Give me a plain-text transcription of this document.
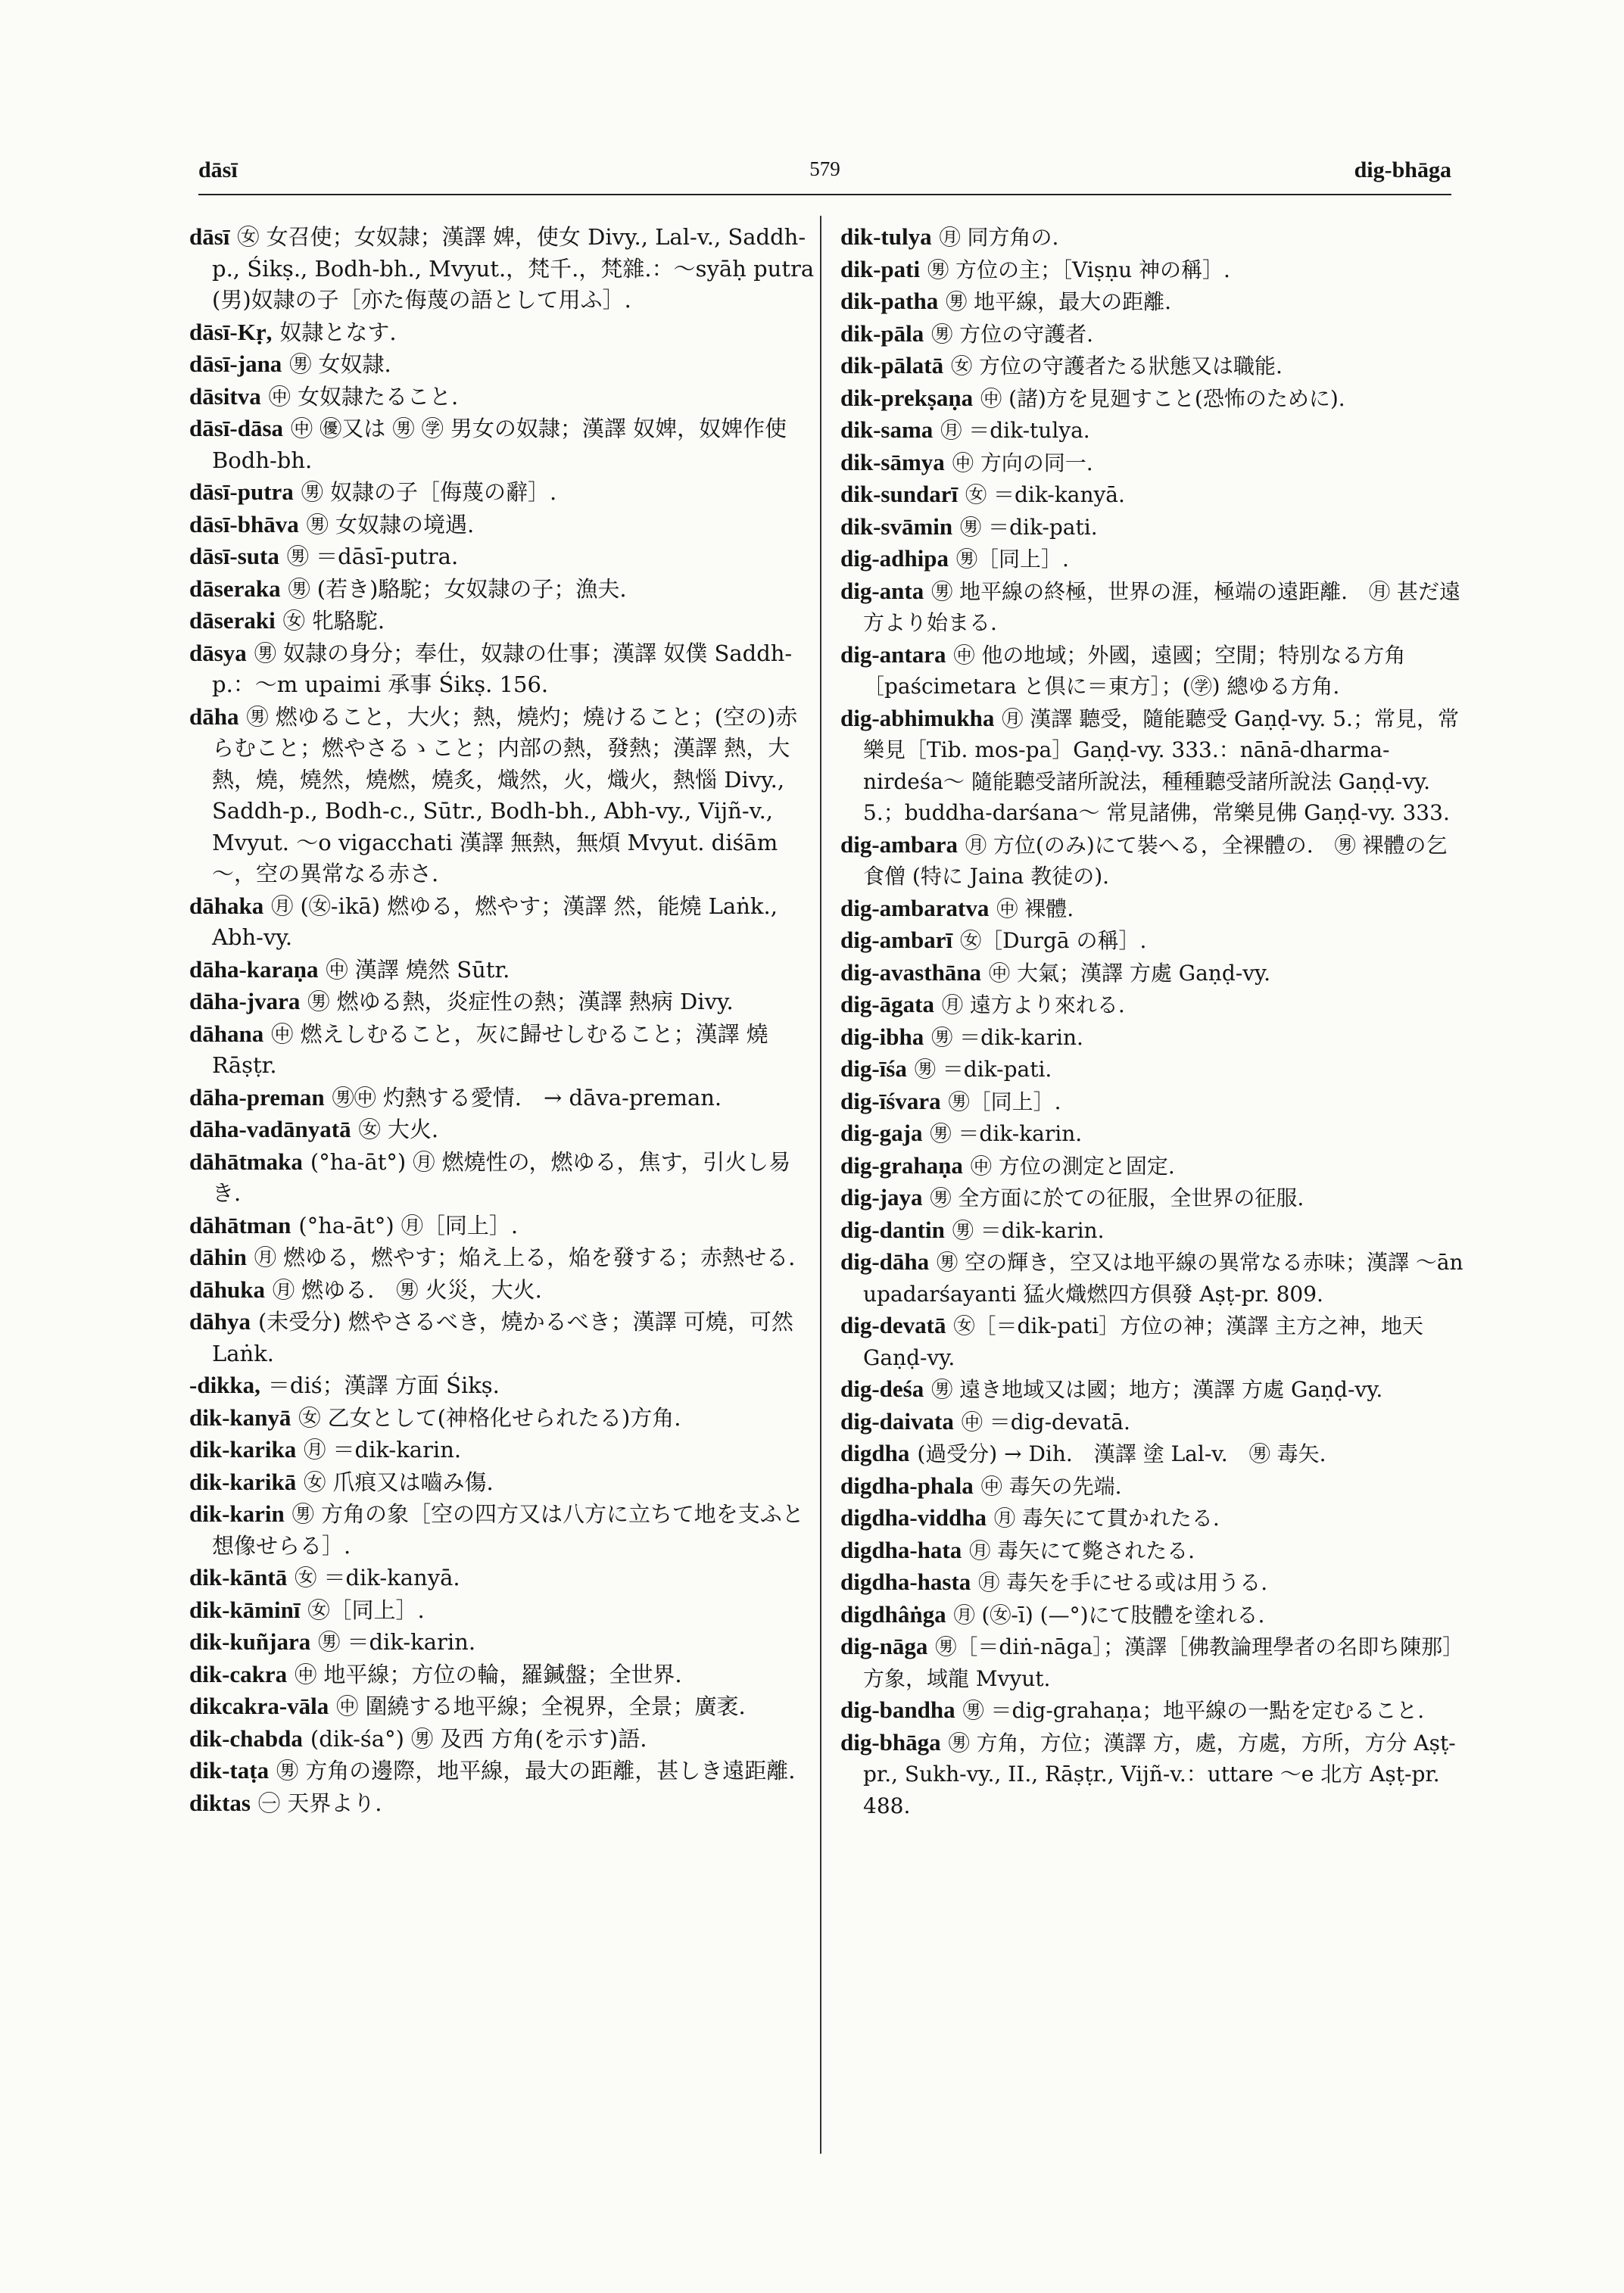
dāsī	579	dig-bhāga

dāsī ㊛ 女召使；女奴隷；漢譯 婢，使女 Divy., Lal-v., Saddh-p., Śikṣ., Bodh-bh., Mvyut.，梵千.，梵雜.：〜syāḥ putra (男)奴隷の子［亦た侮蔑の語として用ふ］.

dāsī-Kṛ, 奴隷となす.

dāsī-jana ㊚ 女奴隷.

dāsitva ㊥ 女奴隷たること.

dāsī-dāsa ㊥ ㊝又は ㊚ ㊫ 男女の奴隷；漢譯 奴婢，奴婢作使 Bodh-bh.

dāsī-putra ㊚ 奴隷の子［侮蔑の辭］.

dāsī-bhāva ㊚ 女奴隷の境遇.

dāsī-suta ㊚ ＝dāsī-putra.

dāseraka ㊚ (若き)駱駝；女奴隷の子；漁夫.

dāseraki ㊛ 牝駱駝.

dāsya ㊚ 奴隷の身分；奉仕，奴隷の仕事；漢譯 奴僕 Saddh-p.：〜m upaimi 承事 Śikṣ. 156.

dāha ㊚ 燃ゆること，大火；熱，燒灼；燒けること；(空の)赤らむこと；燃やさるゝこと；内部の熱，發熱；漢譯 熱，大熱，燒，燒然，燒燃，燒炙，熾然，火，熾火，熱惱 Divy., Saddh-p., Bodh-c., Sūtr., Bodh-bh., Abh-vy., Vijñ-v., Mvyut. 〜o vigacchati 漢譯 無熱，無煩 Mvyut. diśām 〜，空の異常なる赤さ.

dāhaka ㊊ (㊛-ikā) 燃ゆる，燃やす；漢譯 然，能燒 Laṅk., Abh-vy.

dāha-karaṇa ㊥ 漢譯 燒然 Sūtr.

dāha-jvara ㊚ 燃ゆる熱，炎症性の熱；漢譯 熱病 Divy.

dāhana ㊥ 燃えしむること，灰に歸せしむること；漢譯 燒 Rāṣṭr.

dāha-preman ㊚㊥ 灼熱する愛情.　→ dāva-preman.

dāha-vadānyatā ㊛ 大火.

dāhātmaka (°ha-āt°) ㊊ 燃燒性の，燃ゆる，焦す，引火し易き.

dāhātman (°ha-āt°) ㊊［同上］.

dāhin ㊊ 燃ゆる，燃やす；焔え上る，焔を發する；赤熱せる.

dāhuka ㊊ 燃ゆる.　㊚ 火災，大火.

dāhya (未受分) 燃やさるべき，燒かるべき；漢譯 可燒，可然 Laṅk.

-dikka, ＝diś；漢譯 方面 Śikṣ.

dik-kanyā ㊛ 乙女として(神格化せられたる)方角.

dik-karika ㊊ ＝dik-karin.

dik-karikā ㊛ 爪痕又は嚙み傷.

dik-karin ㊚ 方角の象［空の四方又は八方に立ちて地を支ふと想像せらる］.

dik-kāntā ㊛ ＝dik-kanyā.

dik-kāminī ㊛［同上］.

dik-kuñjara ㊚ ＝dik-karin.

dik-cakra ㊥ 地平線；方位の輪，羅鍼盤；全世界.

dikcakra-vāla ㊥ 圍繞する地平線；全視界，全景；廣袤.

dik-chabda (dik-śa°) ㊚ 及西 方角(を示す)語.

dik-taṭa ㊚ 方角の邊際，地平線，最大の距離，甚しき遠距離.

diktas ㊀ 天界より.

dik-tulya ㊊ 同方角の.

dik-pati ㊚ 方位の主；［Viṣṇu 神の稱］.

dik-patha ㊚ 地平線，最大の距離.

dik-pāla ㊚ 方位の守護者.

dik-pālatā ㊛ 方位の守護者たる狀態又は職能.

dik-prekṣaṇa ㊥ (諸)方を見廻すこと(恐怖のために).

dik-sama ㊊ ＝dik-tulya.

dik-sāmya ㊥ 方向の同一.

dik-sundarī ㊛ ＝dik-kanyā.

dik-svāmin ㊚ ＝dik-pati.

dig-adhipa ㊚［同上］.

dig-anta ㊚ 地平線の終極，世界の涯，極端の遠距離.　㊊ 甚だ遠方より始まる.

dig-antara ㊥ 他の地域；外國，遠國；空閒；特別なる方角［paścimetara と倶に＝東方］；(㊫) 總ゆる方角.

dig-abhimukha ㊊ 漢譯 聽受，隨能聽受 Gaṇḍ-vy. 5.；常見，常樂見［Tib. mos-pa］Gaṇḍ-vy. 333.：nānā-dharma-nirdeśa〜 隨能聽受諸所說法，種種聽受諸所說法 Gaṇḍ-vy. 5.；buddha-darśana〜 常見諸佛，常樂見佛 Gaṇḍ-vy. 333.

dig-ambara ㊊ 方位(のみ)にて裝へる，全裸體の.　㊚ 裸體の乞食僧 (特に Jaina 教徒の).

dig-ambaratva ㊥ 裸體.

dig-ambarī ㊛［Durgā の稱］.

dig-avasthāna ㊥ 大氣；漢譯 方處 Gaṇḍ-vy.

dig-āgata ㊊ 遠方より來れる.

dig-ibha ㊚ ＝dik-karin.

dig-īśa ㊚ ＝dik-pati.

dig-īśvara ㊚［同上］.

dig-gaja ㊚ ＝dik-karin.

dig-grahaṇa ㊥ 方位の測定と固定.

dig-jaya ㊚ 全方面に於ての征服，全世界の征服.

dig-dantin ㊚ ＝dik-karin.

dig-dāha ㊚ 空の輝き，空又は地平線の異常なる赤味；漢譯 〜ān upadarśayanti 猛火熾燃四方倶發 Aṣṭ-pr. 809.

dig-devatā ㊛［＝dik-pati］方位の神；漢譯 主方之神，地天 Gaṇḍ-vy.

dig-deśa ㊚ 遠き地域又は國；地方；漢譯 方處 Gaṇḍ-vy.

dig-daivata ㊥ ＝dig-devatā.

digdha (過受分) → Dih.　漢譯 塗 Lal-v.　㊚ 毒矢.

digdha-phala ㊥ 毒矢の先端.

digdha-viddha ㊊ 毒矢にて貫かれたる.

digdha-hata ㊊ 毒矢にて斃されたる.

digdha-hasta ㊊ 毒矢を手にせる或は用うる.

digdhâṅga ㊊ (㊛-ī) (—°)にて肢體を塗れる.

dig-nāga ㊚［＝diṅ-nāga］；漢譯［佛教論理學者の名即ち陳那］方象，域龍 Mvyut.

dig-bandha ㊚ ＝dig-grahaṇa；地平線の一點を定むること.

dig-bhāga ㊚ 方角，方位；漢譯 方，處，方處，方所，方分 Aṣṭ-pr., Sukh-vy., II., Rāṣṭr., Vijñ-v.：uttare 〜e 北方 Aṣṭ-pr. 488.
